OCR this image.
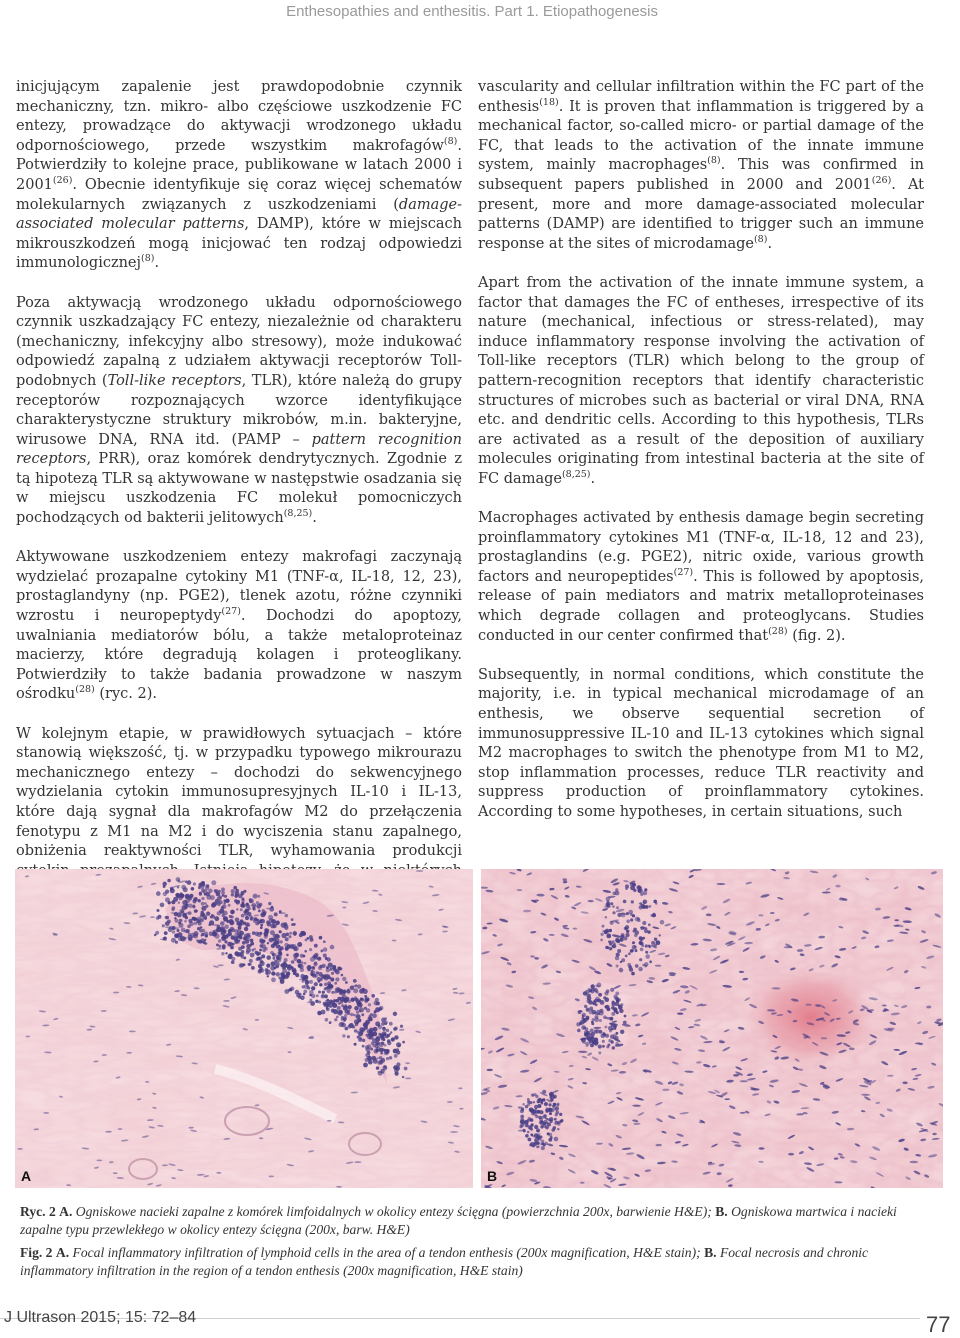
Enthesopathies and enthesitis. Part 1. Etiopathogenesis

inicjującym zapalenie jest prawdopodobnie czynnik mechaniczny, tzn. mikro- albo częściowe uszkodzenie FC entezy, prowadzące do aktywacji wrodzonego układu odpornościowego, przede wszystkim makrofagów$^{(8)}$. Potwierdziły to kolejne prace, publikowane w latach 2000 i 2001$^{(26)}$. Obecnie identyfikuje się coraz więcej schematów molekularnych związanych z uszkodzeniami (damage-associated molecular patterns, DAMP), które w miejscach mikrouszkodzeń mogą inicjować ten rodzaj odpowiedzi immunologicznej$^{(8)}$.

Poza aktywacją wrodzonego układu odpornościowego czynnik uszkadzający FC entezy, niezależnie od charakteru (mechaniczny, infekcyjny albo stresowy), może indukować odpowiedź zapalną z udziałem aktywacji receptorów Toll-podobnych (Toll-like receptors, TLR), które należą do grupy receptorów rozpoznających wzorce identyfikujące charakterystyczne struktury mikrobów, m.in. bakteryjne, wirusowe DNA, RNA itd. (PAMP – pattern recognition receptors, PRR), oraz komórek dendrytycznych. Zgodnie z tą hipotezą TLR są aktywowane w następstwie osadzania się w miejscu uszkodzenia FC molekuł pomocniczych pochodzących od bakterii jelitowych$^{(8,25)}$.

Aktywowane uszkodzeniem entezy makrofagi zaczynają wydzielać prozapalne cytokiny M1 (TNF-α, IL-18, 12, 23), prostaglandyny (np. PGE2), tlenek azotu, różne czynniki wzrostu i neuropeptydy$^{(27)}$. Dochodzi do apoptozy, uwalniania mediatorów bólu, a także metaloproteinaz macierzy, które degradują kolagen i proteoglikany. Potwierdziły to także badania prowadzone w naszym ośrodku$^{(28)}$ (ryc. 2).

W kolejnym etapie, w prawidłowych sytuacjach – które stanowią większość, tj. w przypadku typowego mikrourazu mechanicznego entezy – dochodzi do sekwencyjnego wydzielania cytokin immunosupresyjnych IL-10 i IL-13, które dają sygnał dla makrofagów M2 do przełączenia fenotypu z M1 na M2 i do wyciszenia stanu zapalnego, obniżenia reaktywności TLR, wyhamowania produkcji

vascularity and cellular infiltration within the FC part of the enthesis$^{(18)}$. It is proven that inflammation is triggered by a mechanical factor, so-called micro- or partial damage of the FC, that leads to the activation of the innate immune system, mainly macrophages$^{(8)}$. This was confirmed in subsequent papers published in 2000 and 2001$^{(26)}$. At present, more and more damage-associated molecular patterns (DAMP) are identified to trigger such an immune response at the sites of microdamage$^{(8)}$.

Apart from the activation of the innate immune system, a factor that damages the FC of entheses, irrespective of its nature (mechanical, infectious or stress-related), may induce inflammatory response involving the activation of Toll-like receptors (TLR) which belong to the group of pattern-recognition receptors that identify characteristic structures of microbes such as bacterial or viral DNA, RNA etc. and dendritic cells. According to this hypothesis, TLRs are activated as a result of the deposition of auxiliary molecules originating from intestinal bacteria at the site of FC damage$^{(8,25)}$.

Macrophages activated by enthesis damage begin secreting proinflammatory cytokines M1 (TNF-α, IL-18, 12 and 23), prostaglandins (e.g. PGE2), nitric oxide, various growth factors and neuropeptides$^{(27)}$. This is followed by apoptosis, release of pain mediators and matrix metalloproteinases which degrade collagen and proteoglycans. Studies conducted in our center confirmed that$^{(28)}$ (fig. 2).

Subsequently, in normal conditions, which constitute the majority, i.e. in typical mechanical microdamage of an enthesis, we observe sequential secretion of immunosuppressive IL-10 and IL-13 cytokines which signal M2 macrophages to switch the phenotype from M1 to M2, stop inflammation processes, reduce TLR reactivity and suppress production of proinflammatory cytokines. According to some hypotheses, in certain situations, such

A	B
Ryc. 2 A. Ogniskowe nacieki zapalne z komórek limfoidalnych w okolicy entezy ścięgna (powierzchnia 200x, barwienie H&E); B. Ogniskowa martwica i nacieki zapalne typu przewlekłego w okolicy entezy ścięgna (200x, barw. H&E)
Fig. 2 A. Focal inflammatory infiltration of lymphoid cells in the area of a tendon enthesis (200x magnification, H&E stain); B. Focal necrosis and chronic inflammatory infiltration in the region of a tendon enthesis (200x magnification, H&E stain)
J Ultrason 2015; 15: 72–84	77
